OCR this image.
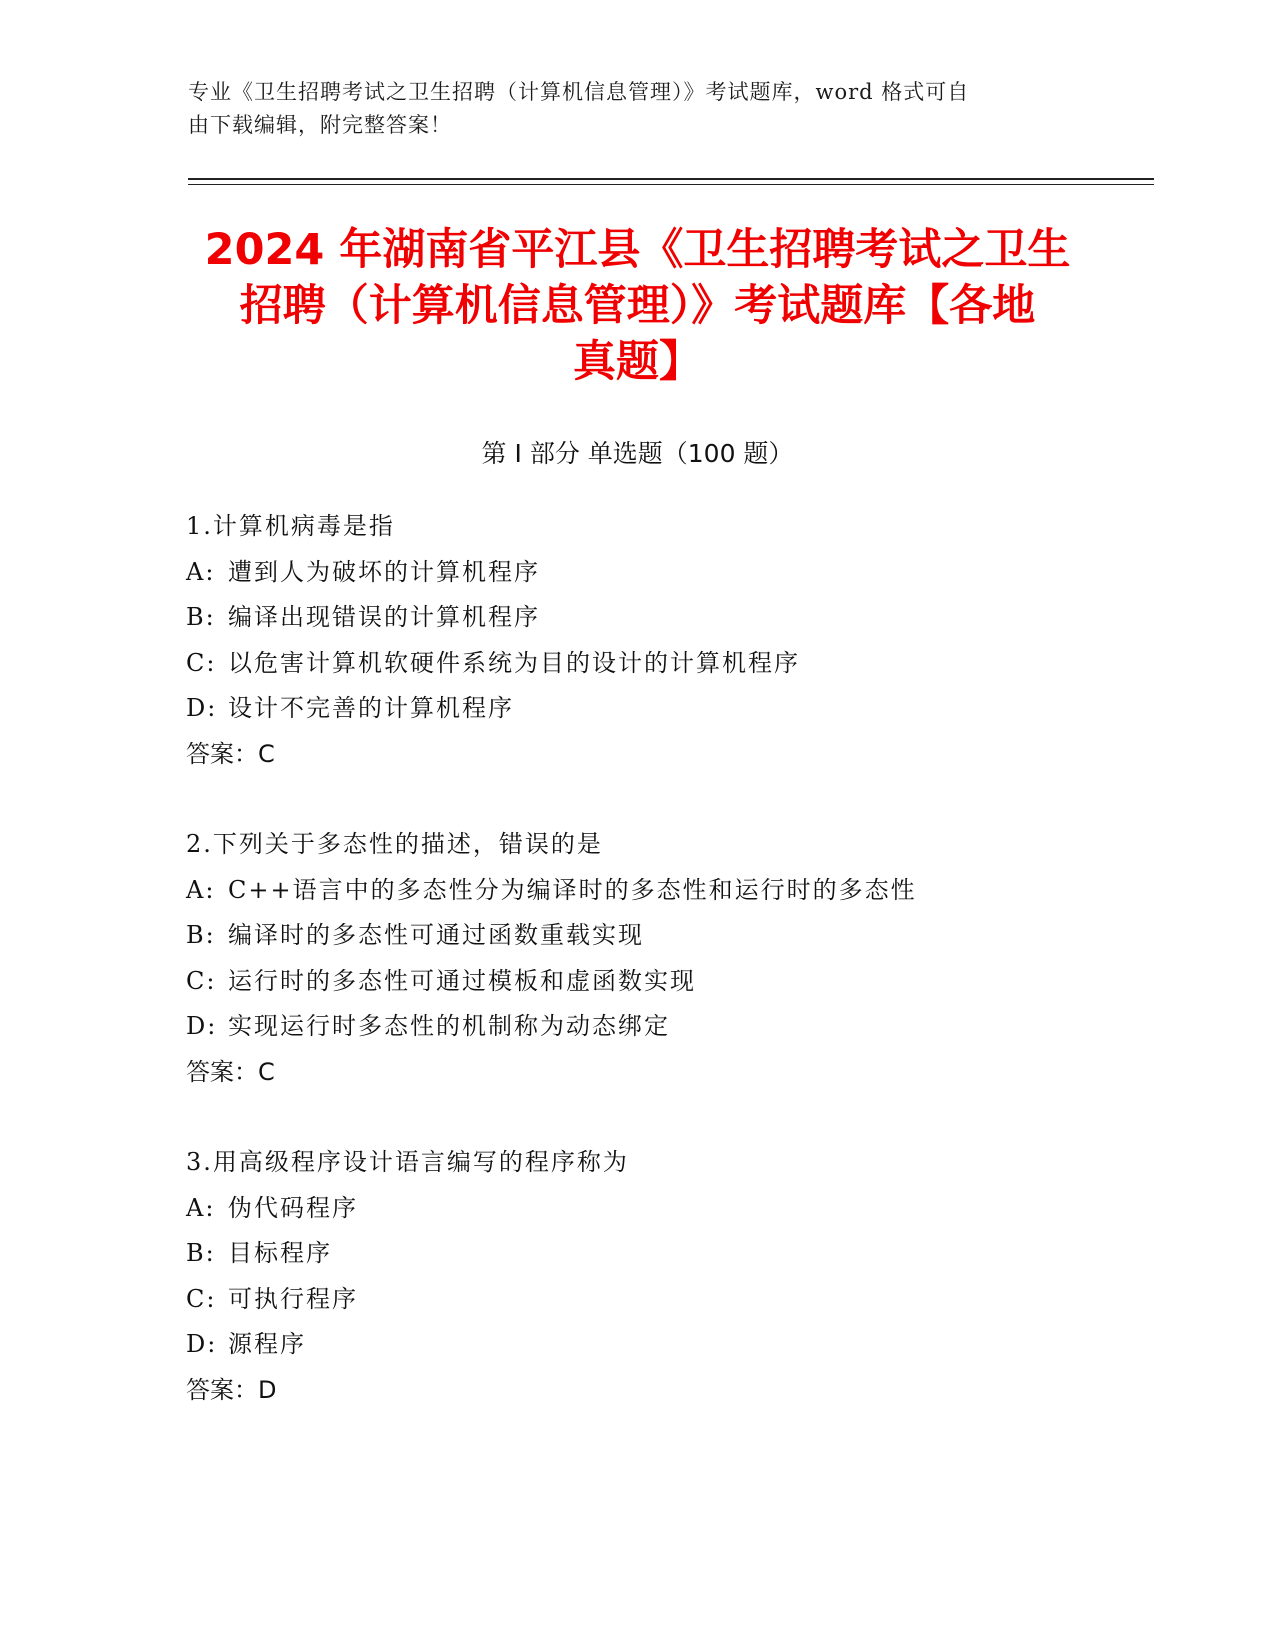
专业《卫生招聘考试之卫生招聘（计算机信息管理）》考试题库，word 格式可自
由下载编辑，附完整答案！
2024 年湖南省平江县《卫生招聘考试之卫生
招聘（计算机信息管理）》考试题库【各地
真题】
第 I 部分 单选题（100 题）
1.计算机病毒是指
A: 遭到人为破坏的计算机程序
B: 编译出现错误的计算机程序
C: 以危害计算机软硬件系统为目的设计的计算机程序
D: 设计不完善的计算机程序
答案：C
2.下列关于多态性的描述，错误的是
A: C++语言中的多态性分为编译时的多态性和运行时的多态性
B: 编译时的多态性可通过函数重载实现
C: 运行时的多态性可通过模板和虚函数实现
D: 实现运行时多态性的机制称为动态绑定
答案：C
3.用高级程序设计语言编写的程序称为
A: 伪代码程序
B: 目标程序
C: 可执行程序
D: 源程序
答案：D
